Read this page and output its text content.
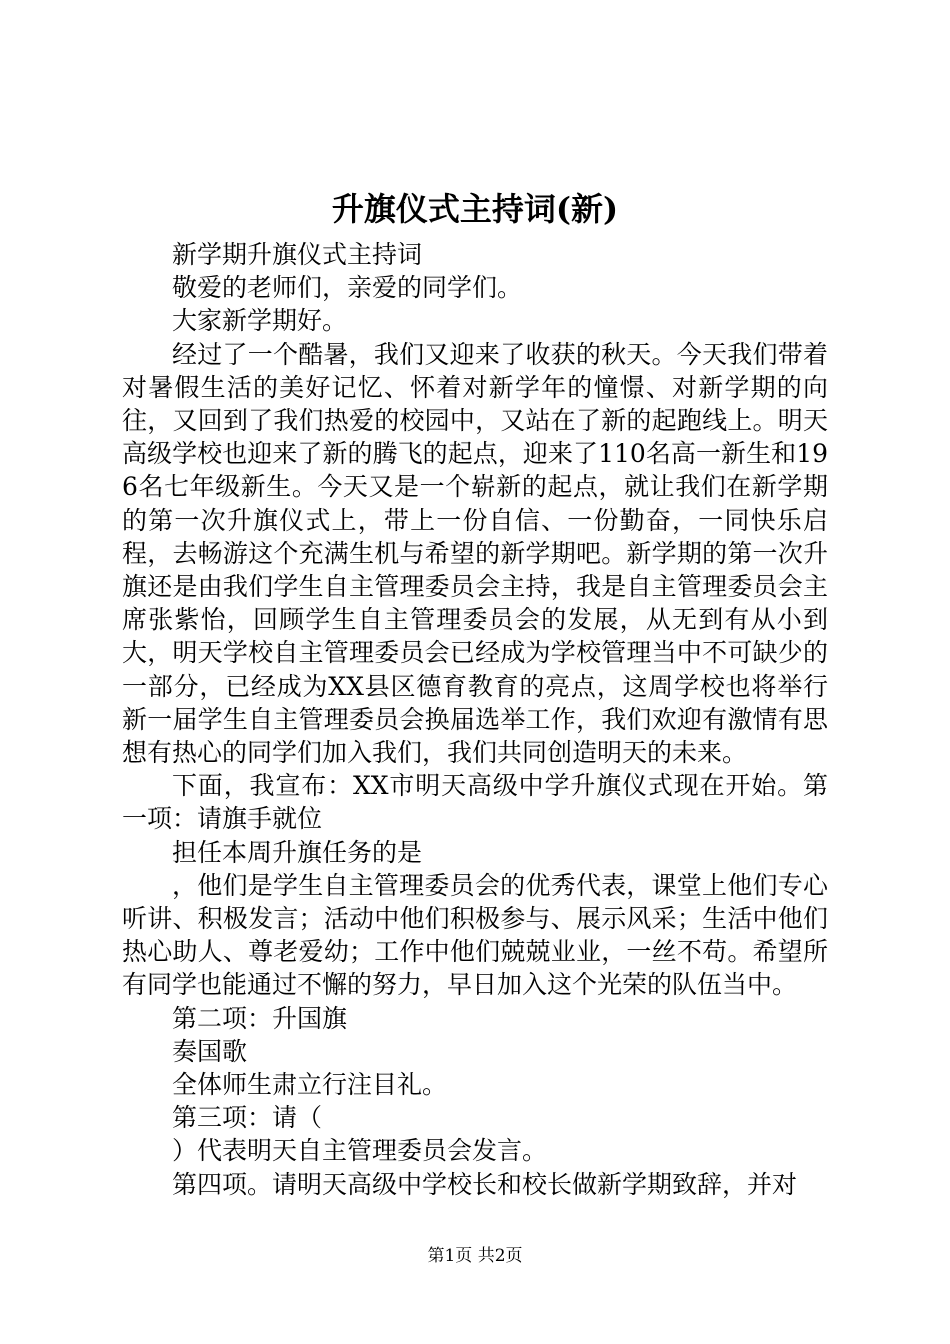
升旗仪式主持词(新)

新学期升旗仪式主持词

敬爱的老师们，亲爱的同学们。

大家新学期好。

经过了一个酷暑，我们又迎来了收获的秋天。今天我们带着对暑假生活的美好记忆、怀着对新学年的憧憬、对新学期的向往，又回到了我们热爱的校园中，又站在了新的起跑线上。明天高级学校也迎来了新的腾飞的起点，迎来了110名高一新生和196名七年级新生。今天又是一个崭新的起点，就让我们在新学期的第一次升旗仪式上，带上一份自信、一份勤奋，一同快乐启程，去畅游这个充满生机与希望的新学期吧。新学期的第一次升旗还是由我们学生自主管理委员会主持，我是自主管理委员会主席张紫怡，回顾学生自主管理委员会的发展，从无到有从小到大，明天学校自主管理委员会已经成为学校管理当中不可缺少的一部分，已经成为XX县区德育教育的亮点，这周学校也将举行新一届学生自主管理委员会换届选举工作，我们欢迎有激情有思想有热心的同学们加入我们，我们共同创造明天的未来。

下面，我宣布：XX市明天高级中学升旗仪式现在开始。第一项：请旗手就位

担任本周升旗任务的是

，他们是学生自主管理委员会的优秀代表，课堂上他们专心听讲、积极发言；活动中他们积极参与、展示风采；生活中他们热心助人、尊老爱幼；工作中他们兢兢业业，一丝不苟。希望所有同学也能通过不懈的努力，早日加入这个光荣的队伍当中。

第二项：升国旗

奏国歌

全体师生肃立行注目礼。

第三项：请（

）代表明天自主管理委员会发言。

第四项。请明天高级中学校长和校长做新学期致辞，并对

第1页 共2页
